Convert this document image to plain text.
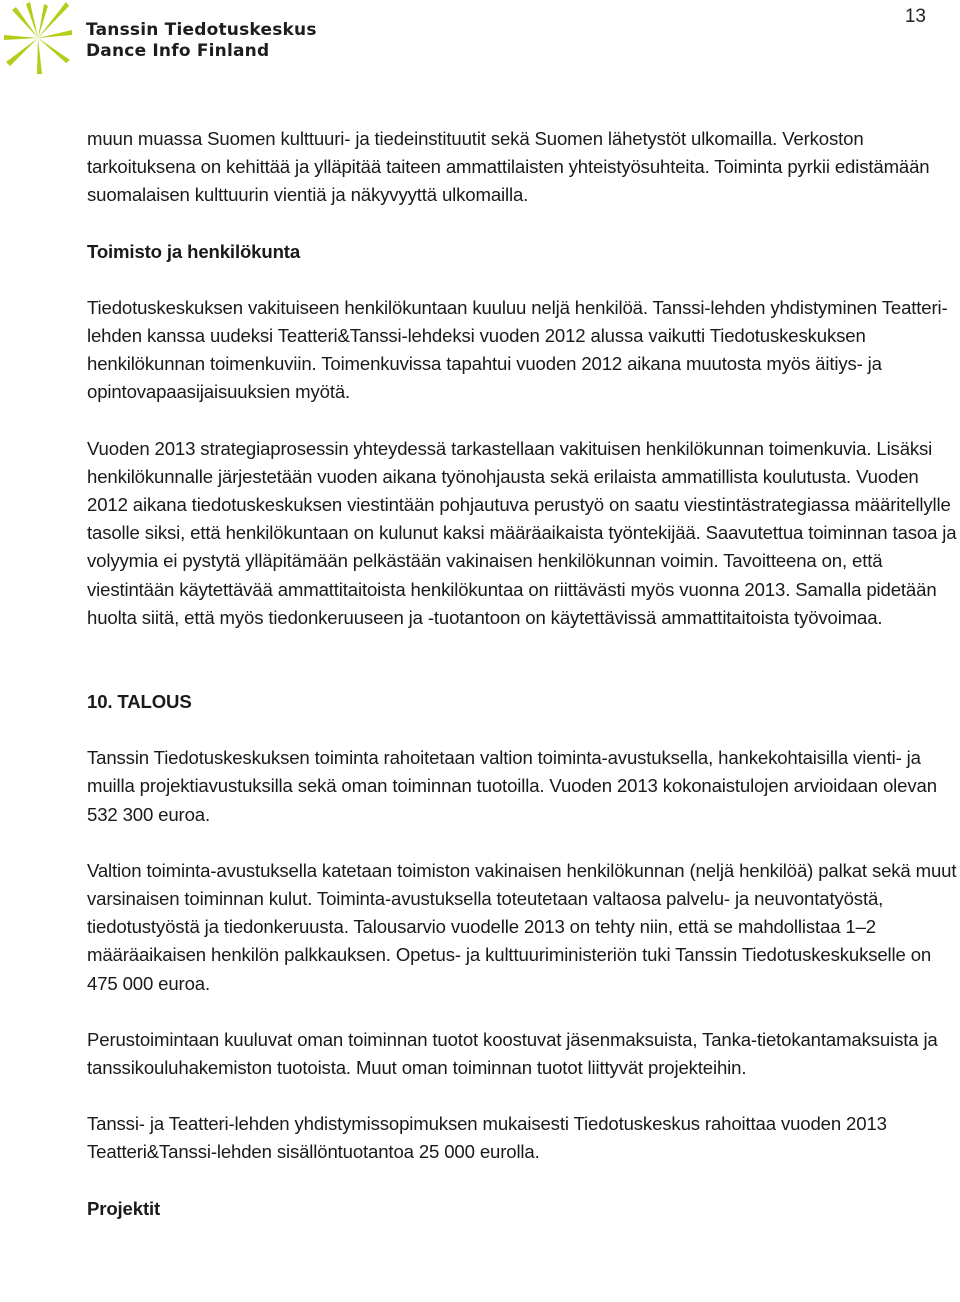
13
Tanssin Tiedotuskeskus
Dance Info Finland

muun muassa Suomen kulttuuri- ja tiedeinstituutit sekä Suomen lähetystöt ulkomailla. Verkoston tarkoituksena on kehittää ja ylläpitää taiteen ammattilaisten yhteistyösuhteita. Toiminta pyrkii edistämään suomalaisen kulttuurin vientiä ja näkyvyyttä ulkomailla.

Toimisto ja henkilökunta

Tiedotuskeskuksen vakituiseen henkilökuntaan kuuluu neljä henkilöä. Tanssi-lehden yhdistyminen Teatteri-lehden kanssa uudeksi Teatteri&Tanssi-lehdeksi vuoden 2012 alussa vaikutti Tiedotuskeskuksen henkilökunnan toimenkuviin. Toimenkuvissa tapahtui vuoden 2012 aikana muutosta myös äitiys- ja opintovapaasijaisuuksien myötä.

Vuoden 2013 strategiaprosessin yhteydessä tarkastellaan vakituisen henkilökunnan toimenkuvia. Lisäksi henkilökunnalle järjestetään vuoden aikana työnohjausta sekä erilaista ammatillista koulutusta. Vuoden 2012 aikana tiedotuskeskuksen viestintään pohjautuva perustyö on saatu viestintästrategiassa määritellylle tasolle siksi, että henkilökuntaan on kulunut kaksi määräaikaista työntekijää. Saavutettua toiminnan tasoa ja volyymia ei pystytä ylläpitämään pelkästään vakinaisen henkilökunnan voimin. Tavoitteena on, että viestintään käytettävää ammattitaitoista henkilökuntaa on riittävästi myös vuonna 2013. Samalla pidetään huolta siitä, että myös tiedonkeruuseen ja -tuotantoon on käytettävissä ammattitaitoista työvoimaa.

10. TALOUS

Tanssin Tiedotuskeskuksen toiminta rahoitetaan valtion toiminta-avustuksella, hankekohtaisilla vienti- ja muilla projektiavustuksilla sekä oman toiminnan tuotoilla. Vuoden 2013 kokonaistulojen arvioidaan olevan 532 300 euroa.

Valtion toiminta-avustuksella katetaan toimiston vakinaisen henkilökunnan (neljä henkilöä) palkat sekä muut varsinaisen toiminnan kulut. Toiminta-avustuksella toteutetaan valtaosa palvelu- ja neuvontatyöstä, tiedotustyöstä ja tiedonkeruusta. Talousarvio vuodelle 2013 on tehty niin, että se mahdollistaa 1–2 määräaikaisen henkilön palkkauksen. Opetus- ja kulttuuriministeriön tuki Tanssin Tiedotuskeskukselle on 475 000 euroa.

Perustoimintaan kuuluvat oman toiminnan tuotot koostuvat jäsenmaksuista, Tanka-tietokantamaksuista ja tanssikouluhakemiston tuotoista. Muut oman toiminnan tuotot liittyvät projekteihin.

Tanssi- ja Teatteri-lehden yhdistymissopimuksen mukaisesti Tiedotuskeskus rahoittaa vuoden 2013 Teatteri&Tanssi-lehden sisällöntuotantoa 25 000 eurolla.

Projektit
